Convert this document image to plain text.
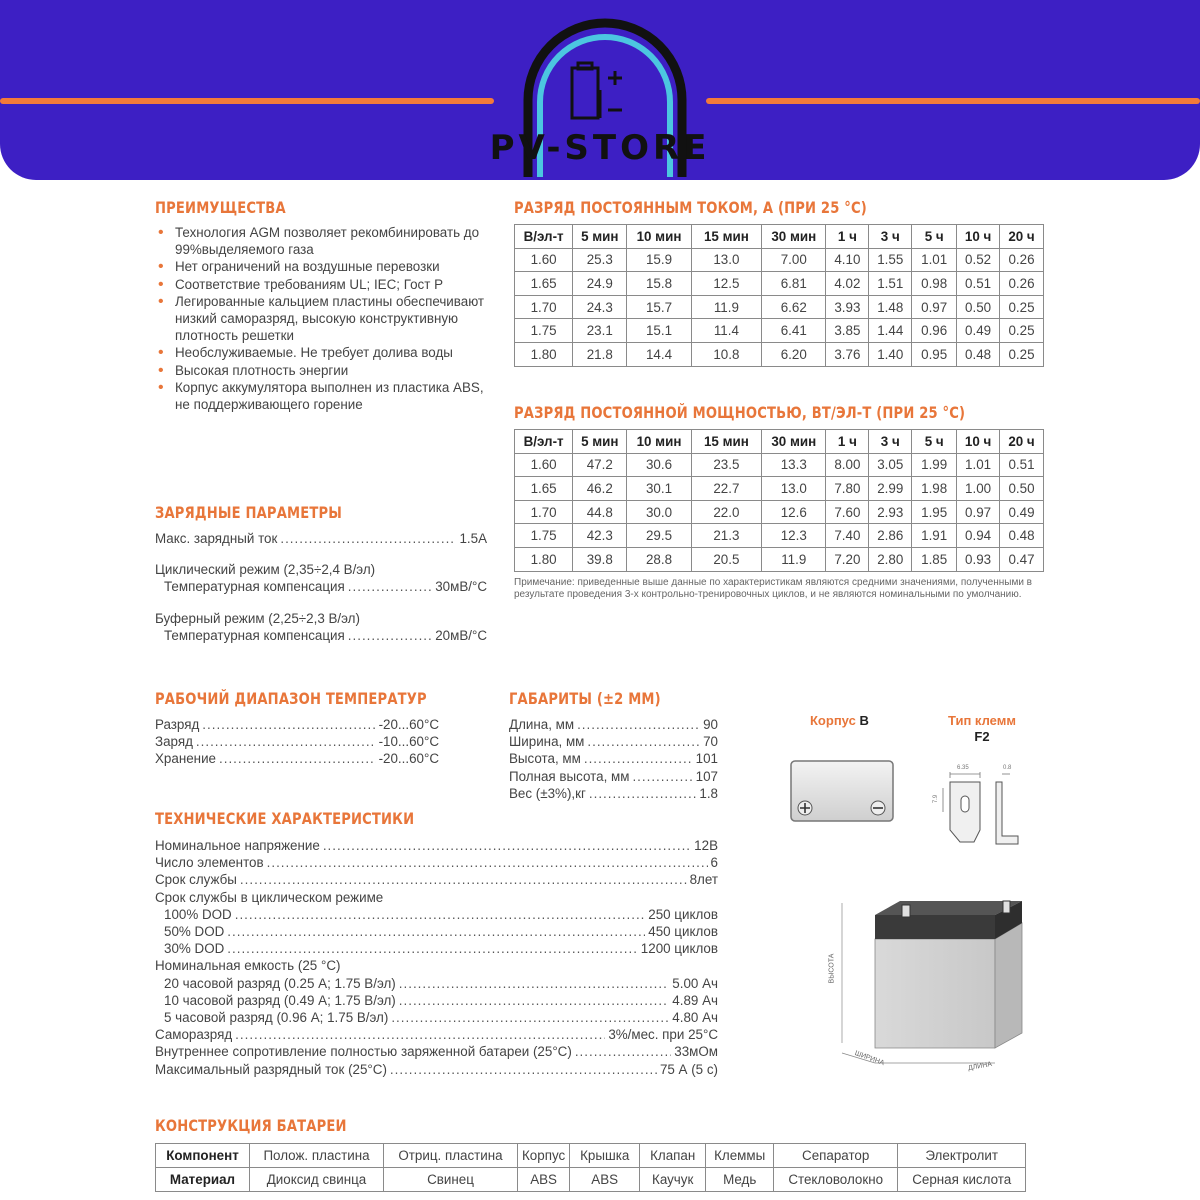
PV-STORE
ПРЕИМУЩЕСТВА
• Технология AGM позволяет рекомбинировать до 99%выделяемого газа
• Нет ограничений на воздушные перевозки
• Соответствие требованиям UL; IEC; Гост Р
• Легированные кальцием пластины обеспечивают низкий саморазряд, высокую конструктивную плотность решетки
• Необслуживаемые. Не требует долива воды
• Высокая плотность энергии
• Корпус аккумулятора выполнен из пластика ABS, не поддерживающего горение
РАЗРЯД ПОСТОЯННЫМ ТОКОМ, А (ПРИ 25 °С)
В/эл-т	5 мин	10 мин	15 мин	30 мин	1 ч	3 ч	5 ч	10 ч	20 ч
1.60	25.3	15.9	13.0	7.00	4.10	1.55	1.01	0.52	0.26
1.65	24.9	15.8	12.5	6.81	4.02	1.51	0.98	0.51	0.26
1.70	24.3	15.7	11.9	6.62	3.93	1.48	0.97	0.50	0.25
1.75	23.1	15.1	11.4	6.41	3.85	1.44	0.96	0.49	0.25
1.80	21.8	14.4	10.8	6.20	3.76	1.40	0.95	0.48	0.25
РАЗРЯД ПОСТОЯННОЙ МОЩНОСТЬЮ, ВТ/ЭЛ-Т (ПРИ 25 °С)
В/эл-т	5 мин	10 мин	15 мин	30 мин	1 ч	3 ч	5 ч	10 ч	20 ч
1.60	47.2	30.6	23.5	13.3	8.00	3.05	1.99	1.01	0.51
1.65	46.2	30.1	22.7	13.0	7.80	2.99	1.98	1.00	0.50
1.70	44.8	30.0	22.0	12.6	7.60	2.93	1.95	0.97	0.49
1.75	42.3	29.5	21.3	12.3	7.40	2.86	1.91	0.94	0.48
1.80	39.8	28.8	20.5	11.9	7.20	2.80	1.85	0.93	0.47
Примечание: приведенные выше данные по характеристикам являются средними значениями, полученными в результате проведения 3-х контрольно-тренировочных циклов, и не являются номинальными по умолчанию.
ЗАРЯДНЫЕ ПАРАМЕТРЫ
Макс. зарядный ток .....	1.5A
Циклический режим (2,35÷2,4 В/эл)
Температурная компенсация .....	30мВ/°С
Буферный режим (2,25÷2,3 В/эл)
Температурная компенсация .....	20мВ/°С
РАБОЧИЙ ДИАПАЗОН ТЕМПЕРАТУР
Разряд .....	-20...60°С
Заряд .....	-10...60°С
Хранение .....	-20...60°С
ГАБАРИТЫ (±2 ММ)
Длина, мм .....	90
Ширина, мм .....	70
Высота, мм .....	101
Полная высота, мм .....	107
Вес (±3%),кг .....	1.8
Корпус B	Тип клемм
F2
6.35	0.8
7.9
ВЫСОТА
ШИРИНА	ДЛИНА
ТЕХНИЧЕСКИЕ ХАРАКТЕРИСТИКИ
Номинальное напряжение .....	12В
Число элементов .....	6
Срок службы .....	8лет
Срок службы в циклическом режиме
100% DOD .....	250 циклов
50% DOD .....	450 циклов
30% DOD .....	1200 циклов
Номинальная емкость (25 °С)
20 часовой разряд (0.25 А; 1.75 В/эл) .....	5.00 Ач
10 часовой разряд (0.49 А; 1.75 В/эл) .....	4.89 Ач
5 часовой разряд (0.96 А; 1.75 В/эл) .....	4.80 Ач
Саморазряд .....	3%/мес. при 25°С
Внутреннее сопротивление полностью заряженной батареи (25°С) .....	33мОм
Максимальный разрядный ток (25°С) .....	75 А (5 с)
КОНСТРУКЦИЯ БАТАРЕИ
Компонент	Полож. пластина	Отриц. пластина	Корпус	Крышка	Клапан	Клеммы	Сепаратор	Электролит
Материал	Диоксид свинца	Свинец	ABS	ABS	Каучук	Медь	Стекловолокно	Серная кислота
